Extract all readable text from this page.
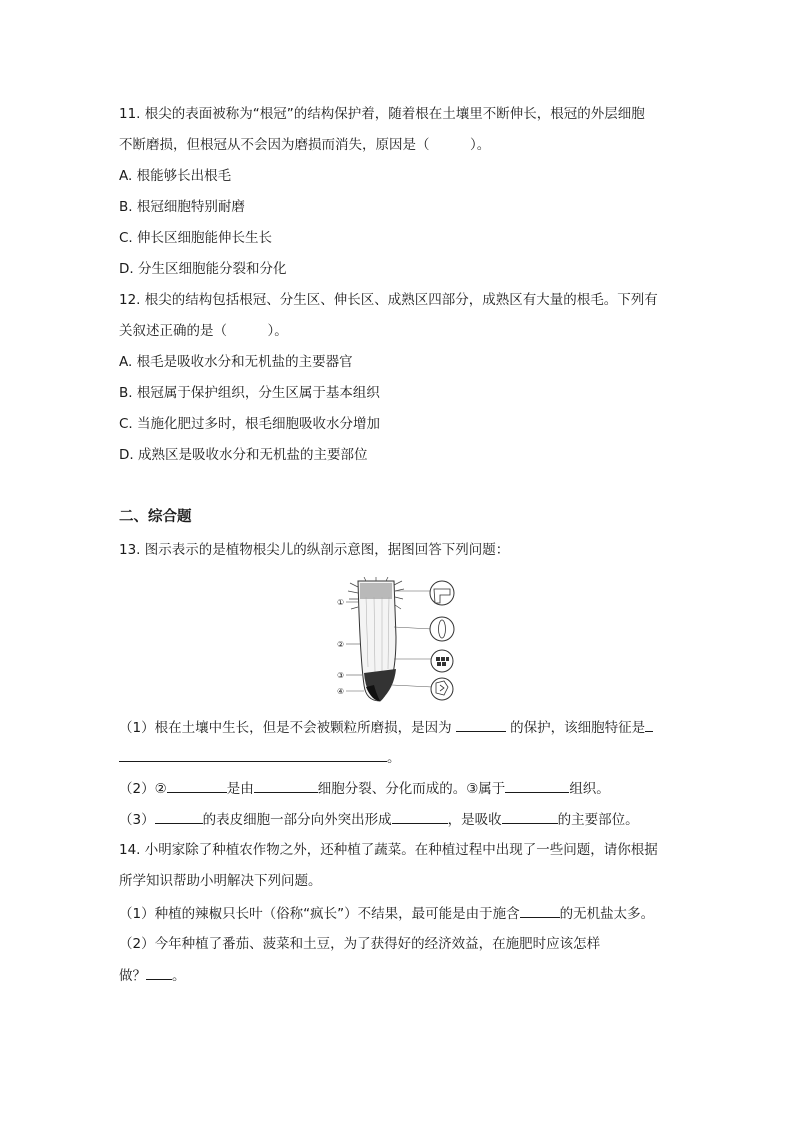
11. 根尖的表面被称为“根冠”的结构保护着，随着根在土壤里不断伸长，根冠的外层细胞
不断磨损，但根冠从不会因为磨损而消失，原因是（　　　）。
A. 根能够长出根毛
B. 根冠细胞特别耐磨
C. 伸长区细胞能伸长生长
D. 分生区细胞能分裂和分化
12. 根尖的结构包括根冠、分生区、伸长区、成熟区四部分，成熟区有大量的根毛。下列有
关叙述正确的是（　　　）。
A. 根毛是吸收水分和无机盐的主要器官
B. 根冠属于保护组织，分生区属于基本组织
C. 当施化肥过多时，根毛细胞吸收水分增加
D. 成熟区是吸收水分和无机盐的主要部位
二、综合题
13. 图示表示的是植物根尖儿的纵剖示意图，据图回答下列问题：
①
②
③
④
（1）根在土壤中生长，但是不会被颗粒所磨损，是因为	的保护，该细胞特征是
。
（2）②	是由	细胞分裂、分化而成的。③属于	组织。
（3）	的表皮细胞一部分向外突出形成	，是吸收	的主要部位。
14. 小明家除了种植农作物之外，还种植了蔬菜。在种植过程中出现了一些问题，请你根据
所学知识帮助小明解决下列问题。
（1）种植的辣椒只长叶（俗称“疯长”）不结果，最可能是由于施含	的无机盐太多。
（2）今年种植了番茄、菠菜和土豆，为了获得好的经济效益，在施肥时应该怎样
做？ 。
